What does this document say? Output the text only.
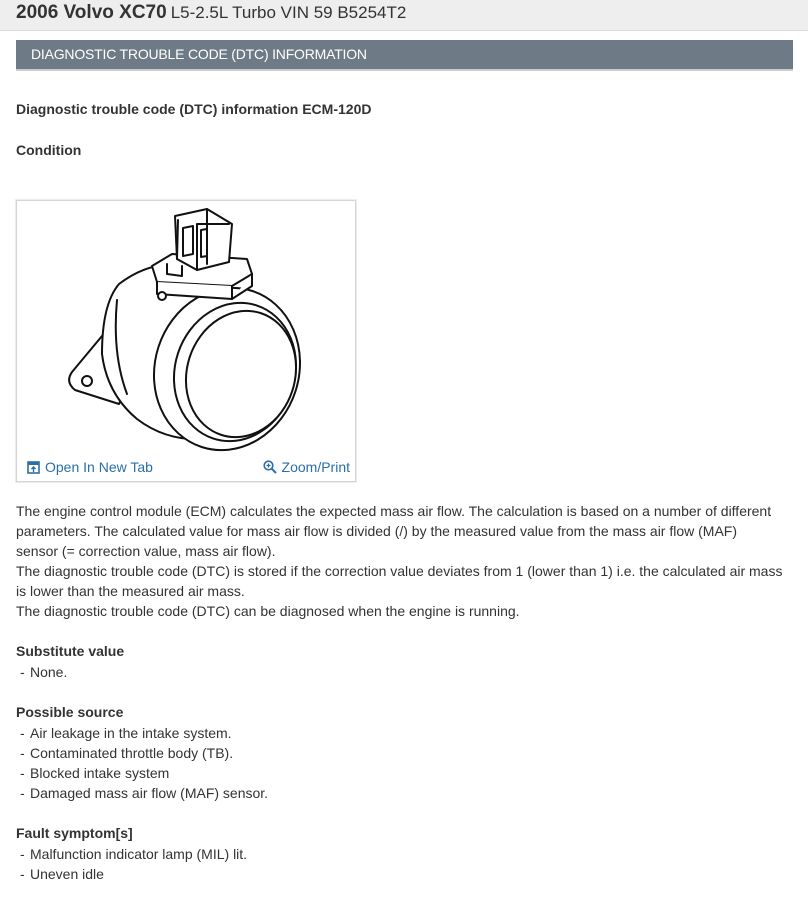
2006 Volvo XC70 L5-2.5L Turbo VIN 59 B5254T2
DIAGNOSTIC TROUBLE CODE (DTC) INFORMATION
Diagnostic trouble code (DTC) information ECM-120D
Condition
Open In New Tab	Zoom/Print
The engine control module (ECM) calculates the expected mass air flow. The calculation is based on a number of different
parameters. The calculated value for mass air flow is divided (/) by the measured value from the mass air flow (MAF)
sensor (= correction value, mass air flow).
The diagnostic trouble code (DTC) is stored if the correction value deviates from 1 (lower than 1) i.e. the calculated air mass
is lower than the measured air mass.
The diagnostic trouble code (DTC) can be diagnosed when the engine is running.
Substitute value
- None.
Possible source
- Air leakage in the intake system.
- Contaminated throttle body (TB).
- Blocked intake system
- Damaged mass air flow (MAF) sensor.
Fault symptom[s]
- Malfunction indicator lamp (MIL) lit.
- Uneven idle
